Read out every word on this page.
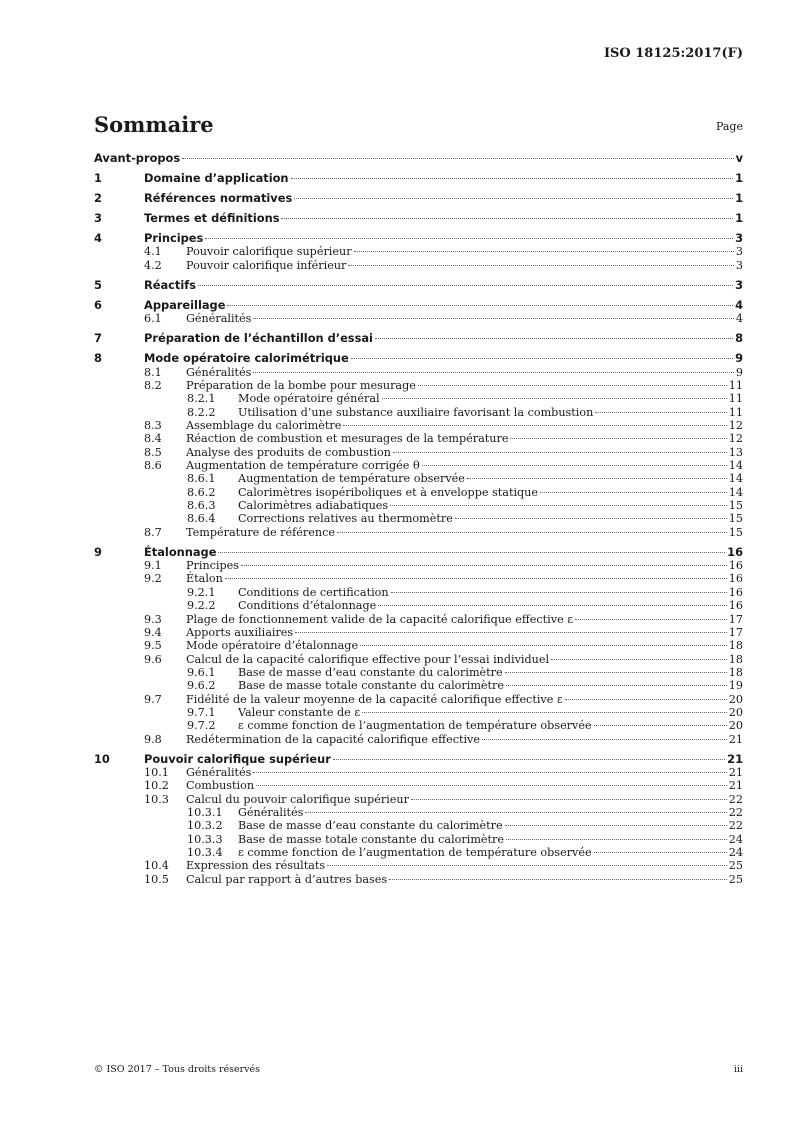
ISO 18125:2017(F)
Sommaire	Page
Avant-propos	v
1	Domaine d’application	1
2	Références normatives	1
3	Termes et définitions	1
4	Principes	3
4.1	Pouvoir calorifique supérieur	3
4.2	Pouvoir calorifique inférieur	3
5	Réactifs	3
6	Appareillage	4
6.1	Généralités	4
7	Préparation de l’échantillon d’essai	8
8	Mode opératoire calorimétrique	9
8.1	Généralités	9
8.2	Préparation de la bombe pour mesurage	11
8.2.1	Mode opératoire général	11
8.2.2	Utilisation d’une substance auxiliaire favorisant la combustion	11
8.3	Assemblage du calorimètre	12
8.4	Réaction de combustion et mesurages de la température	12
8.5	Analyse des produits de combustion	13
8.6	Augmentation de température corrigée θ	14
8.6.1	Augmentation de température observée	14
8.6.2	Calorimètres isopériboliques et à enveloppe statique	14
8.6.3	Calorimètres adiabatiques	15
8.6.4	Corrections relatives au thermomètre	15
8.7	Température de référence	15
9	Étalonnage	16
9.1	Principes	16
9.2	Étalon	16
9.2.1	Conditions de certification	16
9.2.2	Conditions d’étalonnage	16
9.3	Plage de fonctionnement valide de la capacité calorifique effective ε	17
9.4	Apports auxiliaires	17
9.5	Mode opératoire d’étalonnage	18
9.6	Calcul de la capacité calorifique effective pour l’essai individuel	18
9.6.1	Base de masse d’eau constante du calorimètre	18
9.6.2	Base de masse totale constante du calorimètre	19
9.7	Fidélité de la valeur moyenne de la capacité calorifique effective ε	20
9.7.1	Valeur constante de ε	20
9.7.2	ε comme fonction de l’augmentation de température observée	20
9.8	Redétermination de la capacité calorifique effective	21
10	Pouvoir calorifique supérieur	21
10.1	Généralités	21
10.2	Combustion	21
10.3	Calcul du pouvoir calorifique supérieur	22
10.3.1	Généralités	22
10.3.2	Base de masse d’eau constante du calorimètre	22
10.3.3	Base de masse totale constante du calorimètre	24
10.3.4	ε comme fonction de l’augmentation de température observée	24
10.4	Expression des résultats	25
10.5	Calcul par rapport à d’autres bases	25
© ISO 2017 – Tous droits réservés	iii
